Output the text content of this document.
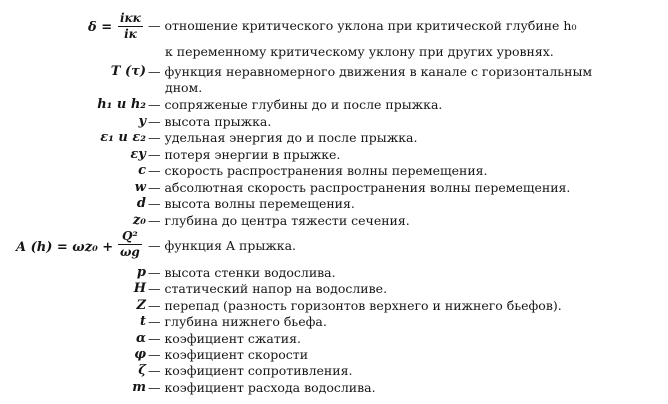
δ =
iкк
iк
— отношение критического уклона при критической глубине h₀
к переменному критическому уклону при других уровнях.
T (τ) — функция неравномерного движения в канале с горизонтальным
дном.
h₁ и h₂ — сопряженые глубины до и после прыжка.
y — высота прыжка.
ε₁ и ε₂ — удельная энергия до и после прыжка.
εу — потеря энергии в прыжке.
c — скорость распространения волны перемещения.
w — абсолютная скорость распространения волны перемещения.
d — высота волны перемещения.
z₀ — глубина до центра тяжести сечения.
A (h) = ωz₀ +
Q²
ωg — функция A прыжка.
p — высота стенки водослива.
H — статический напор на водосливе.
Z — перепад (разность горизонтов верхнего и нижнего бьефов).
t — глубина нижнего бьефа.
α — коэфициент сжатия.
φ — коэфициент скорости
ζ — коэфициент сопротивления.
m — коэфициент расхода водослива.
